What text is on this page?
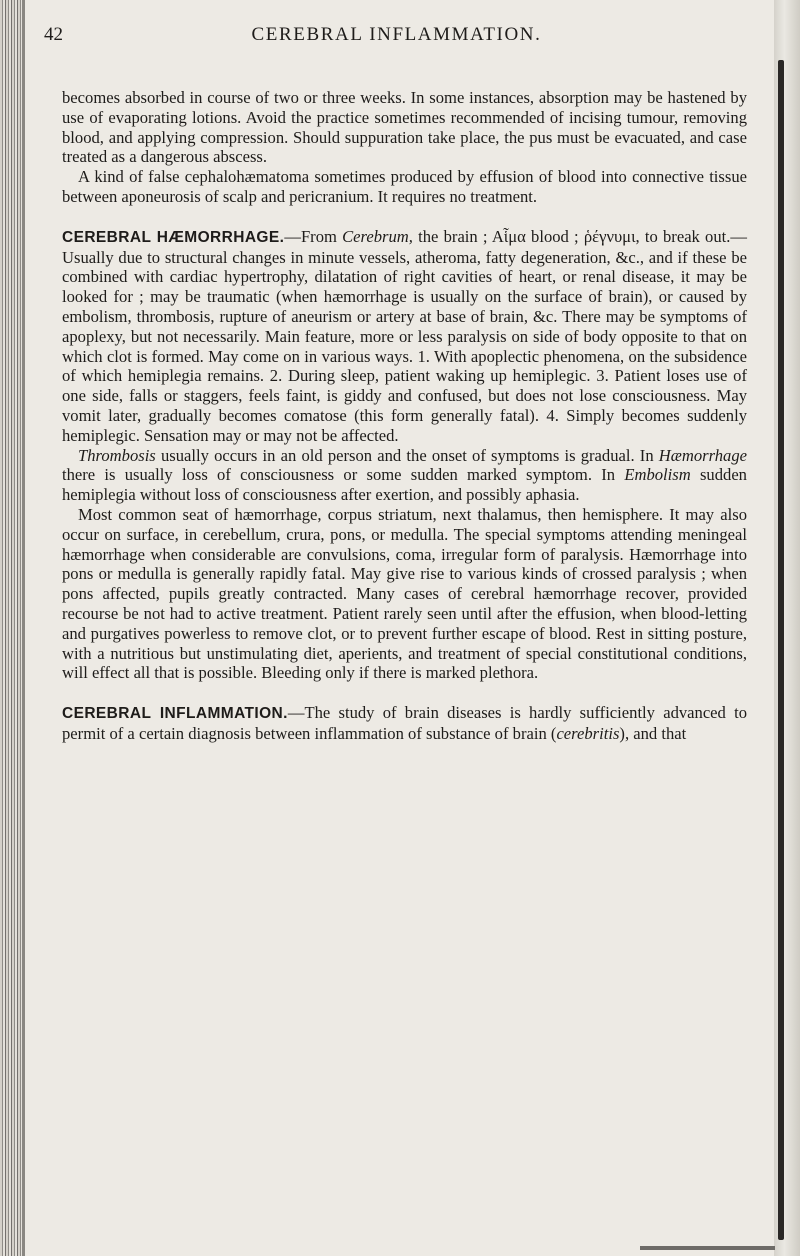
42	CEREBRAL INFLAMMATION.

becomes absorbed in course of two or three weeks. In some instances, absorption may be hastened by use of evaporating lotions. Avoid the practice sometimes recommended of incising tumour, removing blood, and applying compression. Should suppuration take place, the pus must be evacuated, and case treated as a dangerous abscess.

A kind of false cephalohæmatoma sometimes produced by effusion of blood into connective tissue between aponeurosis of scalp and pericranium. It requires no treatment.

CEREBRAL HÆMORRHAGE.—From Cerebrum, the brain ; Aἷμα blood ; ῥέγνυμι, to break out.—Usually due to structural changes in minute vessels, atheroma, fatty degeneration, &c., and if these be combined with cardiac hypertrophy, dilatation of right cavities of heart, or renal disease, it may be looked for ; may be traumatic (when hæmorrhage is usually on the surface of brain), or caused by embolism, thrombosis, rupture of aneurism or artery at base of brain, &c. There may be symptoms of apoplexy, but not necessarily. Main feature, more or less paralysis on side of body opposite to that on which clot is formed. May come on in various ways. 1. With apoplectic phenomena, on the subsidence of which hemiplegia remains. 2. During sleep, patient waking up hemiplegic. 3. Patient loses use of one side, falls or staggers, feels faint, is giddy and confused, but does not lose consciousness. May vomit later, gradually becomes comatose (this form generally fatal). 4. Simply becomes suddenly hemiplegic. Sensation may or may not be affected.

Thrombosis usually occurs in an old person and the onset of symptoms is gradual. In Hæmorrhage there is usually loss of consciousness or some sudden marked symptom. In Embolism sudden hemiplegia without loss of consciousness after exertion, and possibly aphasia.

Most common seat of hæmorrhage, corpus striatum, next thalamus, then hemisphere. It may also occur on surface, in cerebellum, crura, pons, or medulla. The special symptoms attending meningeal hæmorrhage when considerable are convulsions, coma, irregular form of paralysis. Hæmorrhage into pons or medulla is generally rapidly fatal. May give rise to various kinds of crossed paralysis ; when pons affected, pupils greatly contracted. Many cases of cerebral hæmorrhage recover, provided recourse be not had to active treatment. Patient rarely seen until after the effusion, when blood-letting and purgatives powerless to remove clot, or to prevent further escape of blood. Rest in sitting posture, with a nutritious but unstimulating diet, aperients, and treatment of special constitutional conditions, will effect all that is possible. Bleeding only if there is marked plethora.

CEREBRAL INFLAMMATION.—The study of brain diseases is hardly sufficiently advanced to permit of a certain diagnosis between inflammation of substance of brain (cerebritis), and that
